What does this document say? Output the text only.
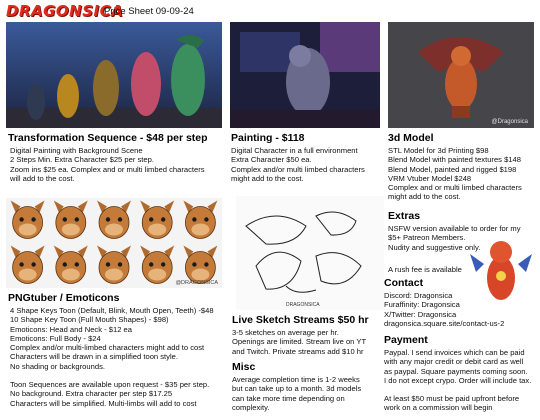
DRAGONSICA
Price Sheet 09-09-24
@Dragonsica
Transformation Sequence - $48 per step
Digital Painting with Background Scene
2 Steps Min. Extra Character $25 per step.
Zoom ins $25 ea. Complex and or multi limbed characters
will add to the cost.
Painting - $118
Digital Character in a full environment
Extra Character $50 ea.
Complex and/or multi limbed characters
might add to the cost.
3d Model
STL Model for 3d Printing $98
Blend Model with painted textures $148
Blend Model, painted and rigged $198
VRM Vtuber Model $248
Complex and or multi limbed characters
might add to the cost.
@DRAGONSICA
DRAGONSICA
PNGtuber / Emoticons
4 Shape Keys Toon (Default, Blink, Mouth Open, Teeth) -$48
10 Shape Key Toon (Full Mouth Shapes) - $98)
Emoticons: Head and Neck - $12 ea
Emoticons: Full Body - $24
Complex and/or multi-limbed characters might add to cost
Characters will be drawn in a simplified toon style.
No shading or backgrounds.
Toon Sequences are available upon request - $35 per step.
No background. Extra character per step $17.25
Characters will be simplified. Multi-limbs will add to cost
Live Sketch Streams $50 hr
3-5 sketches on average per hr.
Openings are limited. Stream live on YT
and Twitch. Private streams add $10 hr
Misc
Average completion time is 1-2 weeks
but can take up to a month. 3d models
can take more time depending on
complexity.
Extras
NSFW version available to order for my
$5+ Patreon Members.
Nudity and suggestive only.
A rush fee is available
Contact
Discord: Dragonsica
Furaffinity: Dragonsica
X/Twitter: Dragonsica
dragonsica.square.site/contact-us-2
Payment
Paypal. I send invoices which can be paid
with any major credit or debit card as well
as paypal. Square payments coming soon.
I do not except crypo. Order will include tax.
At least $50 must be paid upfront before
work on a commission will begin
